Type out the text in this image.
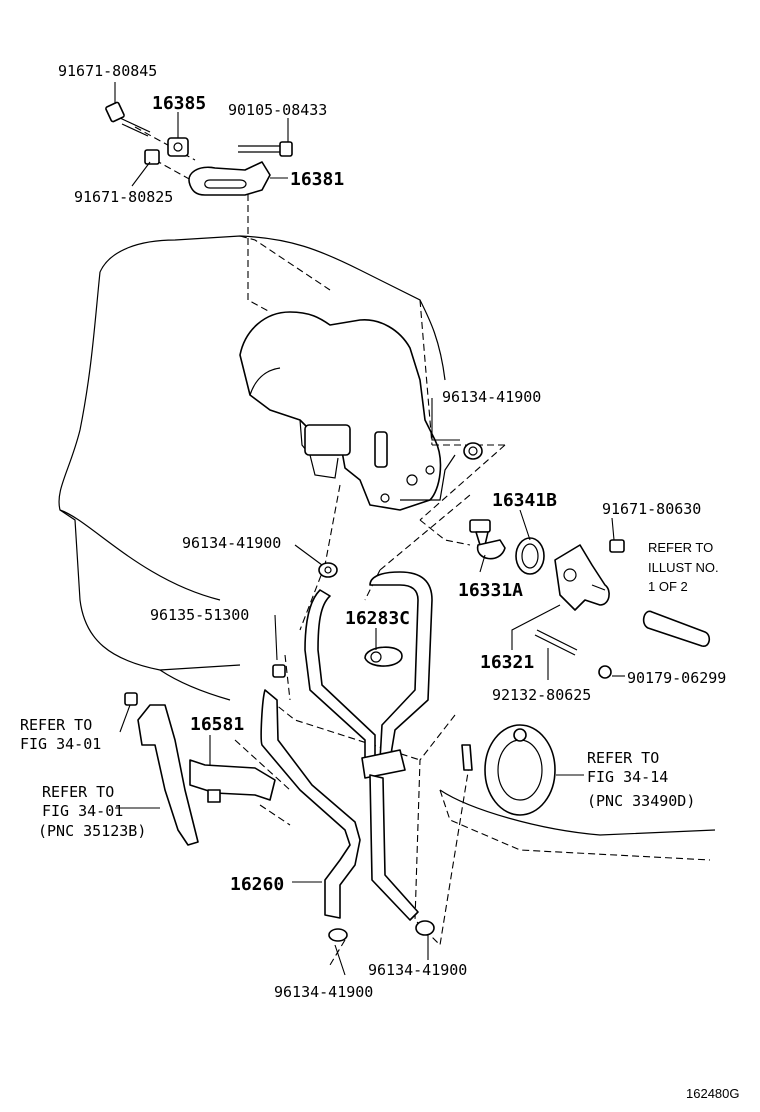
91671-80845
16385 90105-08433
16381
91671-80825
96134-41900
16341B	91671-80630
REFER TO
ILLUST NO.
1 OF 2
96134-41900
16331A
96135-51300	16283C
16321
90179-06299
92132-80625
REFER TO
FIG 34-01
16581
REFER TO
FIG 34-14
(PNC 33490D)
REFER TO
FIG 34-01
(PNC 35123B)
16260
96134-41900
96134-41900
162480G
